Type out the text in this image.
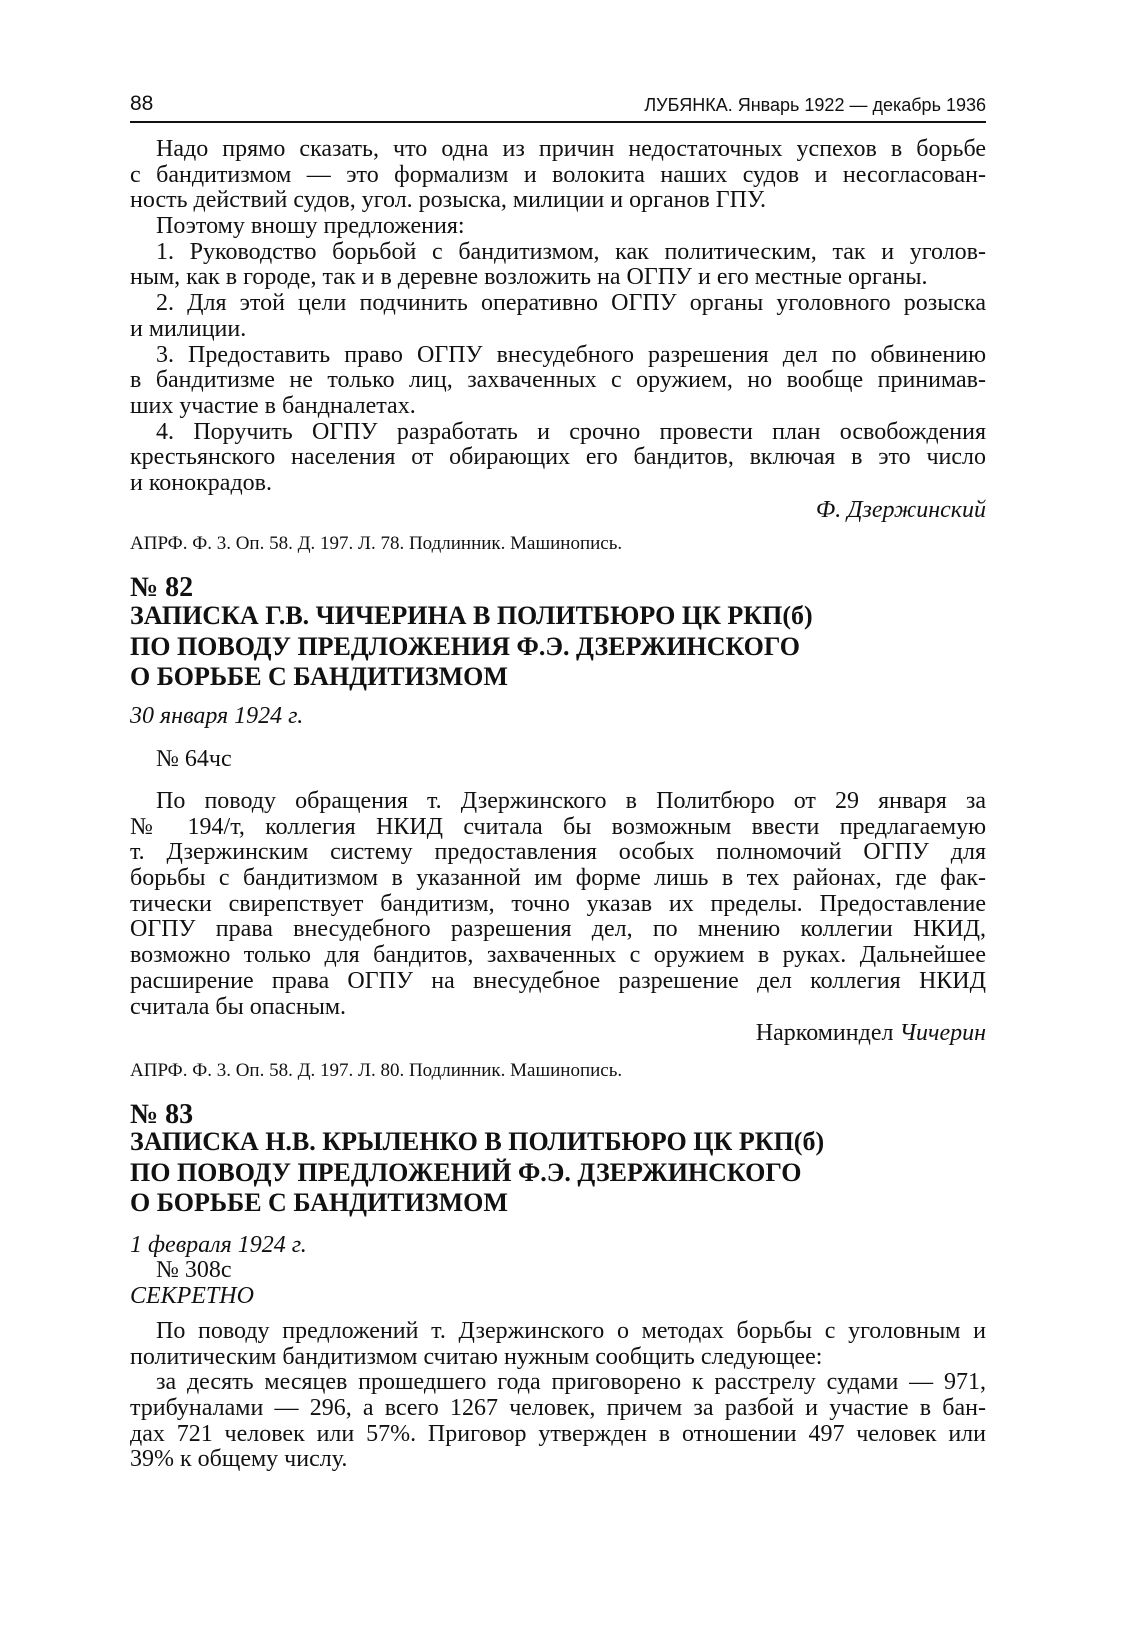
88	ЛУБЯНКА. Январь 1922 — декабрь 1936
Надо прямо сказать, что одна из причин недостаточных успехов в борьбе
с бандитизмом — это формализм и волокита наших судов и несогласован-
ность действий судов, угол. розыска, милиции и органов ГПУ.
Поэтому вношу предложения:
1. Руководство борьбой с бандитизмом, как политическим, так и уголов-
ным, как в городе, так и в деревне возложить на ОГПУ и его местные органы.
2. Для этой цели подчинить оперативно ОГПУ органы уголовного розыска
и милиции.
3. Предоставить право ОГПУ внесудебного разрешения дел по обвинению
в бандитизме не только лиц, захваченных с оружием, но вообще принимав-
ших участие в бандналетах.
4. Поручить ОГПУ разработать и срочно провести план освобождения
крестьянского населения от обирающих его бандитов, включая в это число
и конокрадов.
Ф. Дзержинский
АПРФ. Ф. 3. Оп. 58. Д. 197. Л. 78. Подлинник. Машинопись.
№ 82
ЗАПИСКА Г.В. ЧИЧЕРИНА В ПОЛИТБЮРО ЦК РКП(б)
ПО ПОВОДУ ПРЕДЛОЖЕНИЯ Ф.Э. ДЗЕРЖИНСКОГО
О БОРЬБЕ С БАНДИТИЗМОМ
30 января 1924 г.
№ 64чс
По поводу обращения т. Дзержинского в Политбюро от 29 января за
№ 194/т, коллегия НКИД считала бы возможным ввести предлагаемую
т. Дзержинским систему предоставления особых полномочий ОГПУ для
борьбы с бандитизмом в указанной им форме лишь в тех районах, где фак-
тически свирепствует бандитизм, точно указав их пределы. Предоставление
ОГПУ права внесудебного разрешения дел, по мнению коллегии НКИД,
возможно только для бандитов, захваченных с оружием в руках. Дальнейшее
расширение права ОГПУ на внесудебное разрешение дел коллегия НКИД
считала бы опасным.
Наркоминдел Чичерин
АПРФ. Ф. 3. Оп. 58. Д. 197. Л. 80. Подлинник. Машинопись.
№ 83
ЗАПИСКА Н.В. КРЫЛЕНКО В ПОЛИТБЮРО ЦК РКП(б)
ПО ПОВОДУ ПРЕДЛОЖЕНИЙ Ф.Э. ДЗЕРЖИНСКОГО
О БОРЬБЕ С БАНДИТИЗМОМ
1 февраля 1924 г.
№ 308с
СЕКРЕТНО
По поводу предложений т. Дзержинского о методах борьбы с уголовным и
политическим бандитизмом считаю нужным сообщить следующее:
за десять месяцев прошедшего года приговорено к расстрелу судами — 971,
трибуналами — 296, а всего 1267 человек, причем за разбой и участие в бан-
дах 721 человек или 57%. Приговор утвержден в отношении 497 человек или
39% к общему числу.
